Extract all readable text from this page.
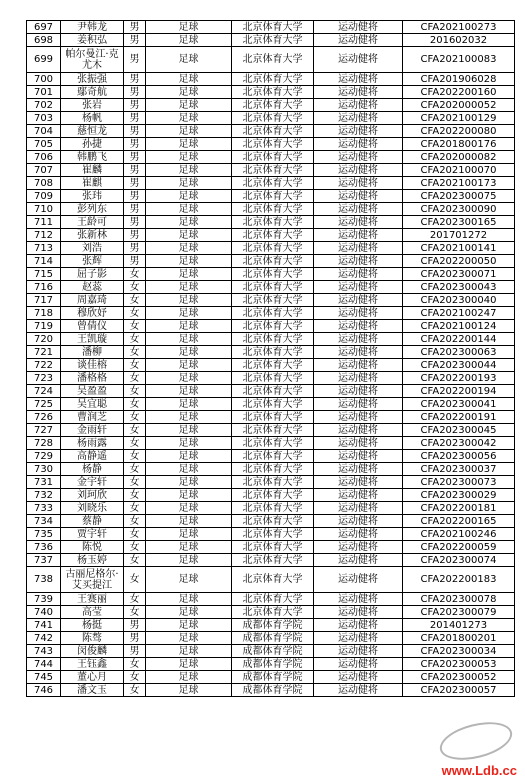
697	尹韩龙	男	足球	北京体育大学	运动健将	CFA202100273
698	姜积弘	男	足球	北京体育大学	运动健将	201602032
699	帕尔曼江·克尤木	男	足球	北京体育大学	运动健将	CFA202100083
700	张振强	男	足球	北京体育大学	运动健将	CFA201906028
701	鄢奇航	男	足球	北京体育大学	运动健将	CFA202200160
702	张岩	男	足球	北京体育大学	运动健将	CFA202000052
703	杨帆	男	足球	北京体育大学	运动健将	CFA202100129
704	慈恒龙	男	足球	北京体育大学	运动健将	CFA202200080
705	孙捷	男	足球	北京体育大学	运动健将	CFA201800176
706	韩鹏飞	男	足球	北京体育大学	运动健将	CFA202000082
707	崔麟	男	足球	北京体育大学	运动健将	CFA202100070
708	崔麒	男	足球	北京体育大学	运动健将	CFA202100173
709	张玮	男	足球	北京体育大学	运动健将	CFA202300075
710	彭列东	男	足球	北京体育大学	运动健将	CFA202300090
711	王龄可	男	足球	北京体育大学	运动健将	CFA202300165
712	张新林	男	足球	北京体育大学	运动健将	201701272
713	刘浩	男	足球	北京体育大学	运动健将	CFA202100141
714	张辉	男	足球	北京体育大学	运动健将	CFA202200050
715	屈子影	女	足球	北京体育大学	运动健将	CFA202300071
716	赵蕊	女	足球	北京体育大学	运动健将	CFA202300043
717	周嘉琦	女	足球	北京体育大学	运动健将	CFA202300040
718	穆欣妤	女	足球	北京体育大学	运动健将	CFA202100247
719	曾倩仪	女	足球	北京体育大学	运动健将	CFA202100124
720	王凯璇	女	足球	北京体育大学	运动健将	CFA202200144
721	潘柳	女	足球	北京体育大学	运动健将	CFA202300063
722	谈佳榕	女	足球	北京体育大学	运动健将	CFA202300044
723	潘格格	女	足球	北京体育大学	运动健将	CFA202200193
724	吴盈盈	女	足球	北京体育大学	运动健将	CFA202200194
725	吴宜聪	女	足球	北京体育大学	运动健将	CFA202300041
726	曹润芝	女	足球	北京体育大学	运动健将	CFA202200191
727	金雨轩	女	足球	北京体育大学	运动健将	CFA202300045
728	杨雨露	女	足球	北京体育大学	运动健将	CFA202300042
729	高静遥	女	足球	北京体育大学	运动健将	CFA202300056
730	杨静	女	足球	北京体育大学	运动健将	CFA202300037
731	金宇轩	女	足球	北京体育大学	运动健将	CFA202300073
732	刘珂欣	女	足球	北京体育大学	运动健将	CFA202300029
733	刘晓乐	女	足球	北京体育大学	运动健将	CFA202200181
734	蔡静	女	足球	北京体育大学	运动健将	CFA202200165
735	贾宇轩	女	足球	北京体育大学	运动健将	CFA202100246
736	陈悦	女	足球	北京体育大学	运动健将	CFA202200059
737	杨玉婷	女	足球	北京体育大学	运动健将	CFA202300074
738	古丽尼格尔·艾买提江	女	足球	北京体育大学	运动健将	CFA202200183
739	王赛丽	女	足球	北京体育大学	运动健将	CFA202300078
740	高莹	女	足球	北京体育大学	运动健将	CFA202300079
741	杨挺	男	足球	成都体育学院	运动健将	201401273
742	陈骜	男	足球	成都体育学院	运动健将	CFA201800201
743	闵俊麟	男	足球	成都体育学院	运动健将	CFA202300034
744	王钰鑫	女	足球	成都体育学院	运动健将	CFA202300053
745	董心月	女	足球	成都体育学院	运动健将	CFA202300052
746	潘文玉	女	足球	成都体育学院	运动健将	CFA202300057
www.Ldb.cc
